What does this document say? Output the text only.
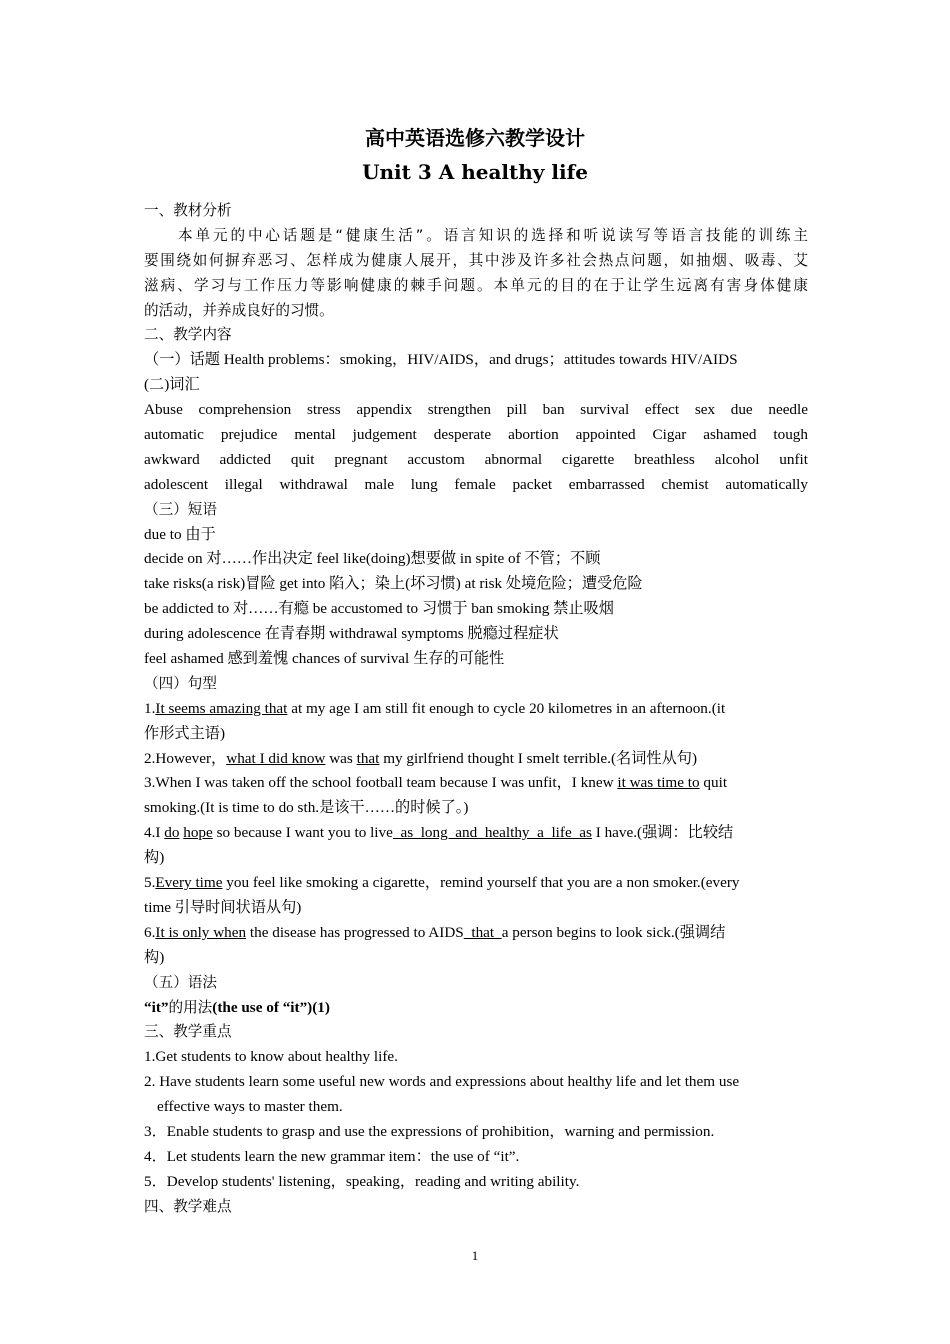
高中英语选修六教学设计
Unit 3 A healthy life
一、教材分析
本单元的中心话题是“健康生活”。语言知识的选择和听说读写等语言技能的训练主
要围绕如何摒弃恶习、怎样成为健康人展开，其中涉及许多社会热点问题，如抽烟、吸毒、艾
滋病、学习与工作压力等影响健康的棘手问题。本单元的目的在于让学生远离有害身体健康
的活动，并养成良好的习惯。
二、教学内容
（一）话题 Health problems：smoking，HIV/AIDS，and drugs；attitudes towards HIV/AIDS
(二)词汇
Abuse comprehension stress appendix strengthen pill ban survival effect sex due needle
automatic prejudice mental judgement desperate abortion appointed Cigar ashamed tough
awkward addicted quit pregnant accustom abnormal cigarette breathless alcohol unfit
adolescent illegal withdrawal male lung female packet embarrassed chemist automatically
（三）短语
due to 由于
decide on 对……作出决定 feel like(doing)想要做 in spite of 不管；不顾
take risks(a risk)冒险 get into 陷入；染上(坏习惯) at risk 处境危险；遭受危险
be addicted to 对……有瘾 be accustomed to 习惯于 ban smoking 禁止吸烟
during adolescence 在青春期 withdrawal symptoms 脱瘾过程症状
feel ashamed 感到羞愧 chances of survival 生存的可能性
（四）句型
1.It seems amazing that at my age I am still fit enough to cycle 20 kilometres in an afternoon.(it
作形式主语)
2.However，what I did know was that my girlfriend thought I smelt terrible.(名词性从句)
3.When I was taken off the school football team because I was unfit，I knew it was time to quit
smoking.(It is time to do sth.是该干……的时候了。)
4.I do hope so because I want you to live  as  long  and  healthy  a  life  as I have.(强调：比较结
构)
5.Every time you feel like smoking a cigarette，remind yourself that you are a non smoker.(every
time 引导时间状语从句)
6.It is only when the disease has progressed to AIDS  that  a person begins to look sick.(强调结
构)
（五）语法
“it”的用法(the use of “it”)(1)
三、教学重点
1.Get students to know about healthy life.
2. Have students learn some useful new words and expressions about healthy life and let them use
effective ways to master them.
3．Enable students to grasp and use the expressions of prohibition，warning and permission.
4．Let students learn the new grammar item：the use of “it”.
5．Develop students' listening，speaking，reading and writing ability.
四、教学难点
1
